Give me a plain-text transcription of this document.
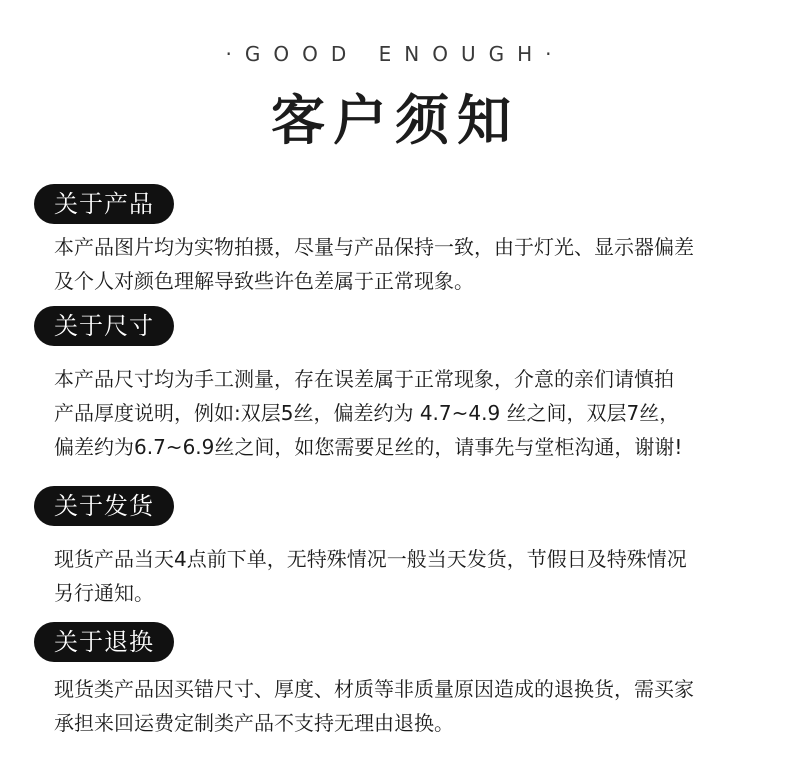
·GOOD ENOUGH·
客户须知
关于产品
本产品图片均为实物拍摄，尽量与产品保持一致，由于灯光、显示器偏差
及个人对颜色理解导致些许色差属于正常现象。
关于尺寸
本产品尺寸均为手工测量，存在误差属于正常现象，介意的亲们请慎拍
产品厚度说明，例如:双层5丝，偏差约为 4.7~4.9 丝之间，双层7丝，
偏差约为6.7~6.9丝之间，如您需要足丝的，请事先与堂柜沟通，谢谢!
关于发货
现货产品当天4点前下单，无特殊情况一般当天发货，节假日及特殊情况
另行通知。
关于退换
现货类产品因买错尺寸、厚度、材质等非质量原因造成的退换货，需买家
承担来回运费定制类产品不支持无理由退换。
